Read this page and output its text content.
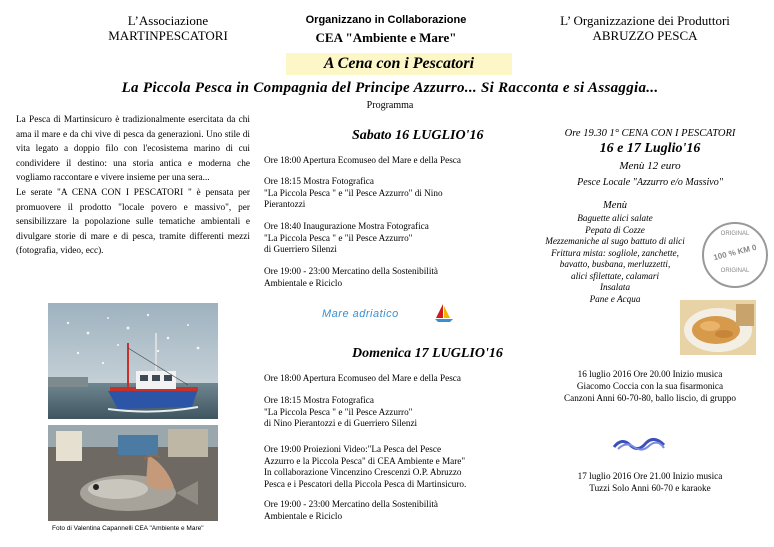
L’Associazione
MARTINPESCATORI
Organizzano in Collaborazione
CEA "Ambiente e Mare"
L’ Organizzazione dei Produttori
ABRUZZO PESCA
A Cena con i Pescatori
La Piccola Pesca in Compagnia del Principe Azzurro... Si Racconta e si Assaggia...
Programma

La Pesca di Martinsicuro è tradizionalmente esercitata da chi ama il mare e da chi vive di pesca da generazioni. Uno stile di vita legato a doppio filo con l'ecosistema marino di cui condividere il destino: una storia antica e moderna che vogliamo raccontare e vivere insieme per una sera...

Le serate "A CENA CON I PESCATORI " è pensata per promuovere il prodotto "locale povero e massivo", per sensibilizzare la popolazione sulle tematiche ambientali e divulgare storie di mare e di pesca, tramite differenti mezzi (fotografia, video, ecc).

Foto di Valentina Capannelli CEA "Ambiente e Mare"
Sabato 16 LUGLIO'16
Ore 18:00 Apertura Ecomuseo del Mare e della Pesca
Ore 18:15 Mostra Fotografica
"La Piccola Pesca " e "il Pesce Azzurro" di Nino
Pierantozzi
Ore 18:40 Inaugurazione Mostra Fotografica
"La Piccola Pesca " e "il Pesce Azzurro"
di Guerriero Silenzi
Ore 19:00 - 23:00 Mercatino della Sostenibilità
Ambientale e Riciclo
Mare adriatico
Domenica 17 LUGLIO'16
Ore 18:00 Apertura Ecomuseo del Mare e della Pesca
Ore 18:15 Mostra Fotografica
"La Piccola Pesca " e "il Pesce Azzurro"
di Nino Pierantozzi e di Guerriero Silenzi
Ore 19:00 Proiezioni Video:"La Pesca del Pesce
Azzurro e la Piccola Pesca" di CEA Ambiente e Mare"
In collaborazione Vincenzino Crescenzi O.P. Abruzzo
Pesca e i Pescatori della Piccola Pesca di Martinsicuro.
Ore 19:00 - 23:00 Mercatino della Sostenibilità
Ambientale e Riciclo
Ore 19.30 1° CENA CON I PESCATORI
16 e 17 Luglio'16
Menù 12 euro
Pesce Locale "Azzurro e/o Massivo"
Menù
Baguette alici salate
Pepata di Cozze
Mezzemaniche al sugo battuto di alici
Frittura mista: sogliole, zanchette,
bavatto, busbana, merluzzetti,
alici sfilettate, calamari
Insalata
Pane e Acqua
ORIGINAL
100 % KM 0
ORIGINAL
16 luglio 2016 Ore 20.00 Inizio musica
Giacomo Coccia con la sua fisarmonica
Canzoni Anni 60-70-80, ballo liscio, di gruppo
17 luglio 2016 Ore 21.00 Inizio musica
Tuzzi Solo Anni 60-70 e karaoke
